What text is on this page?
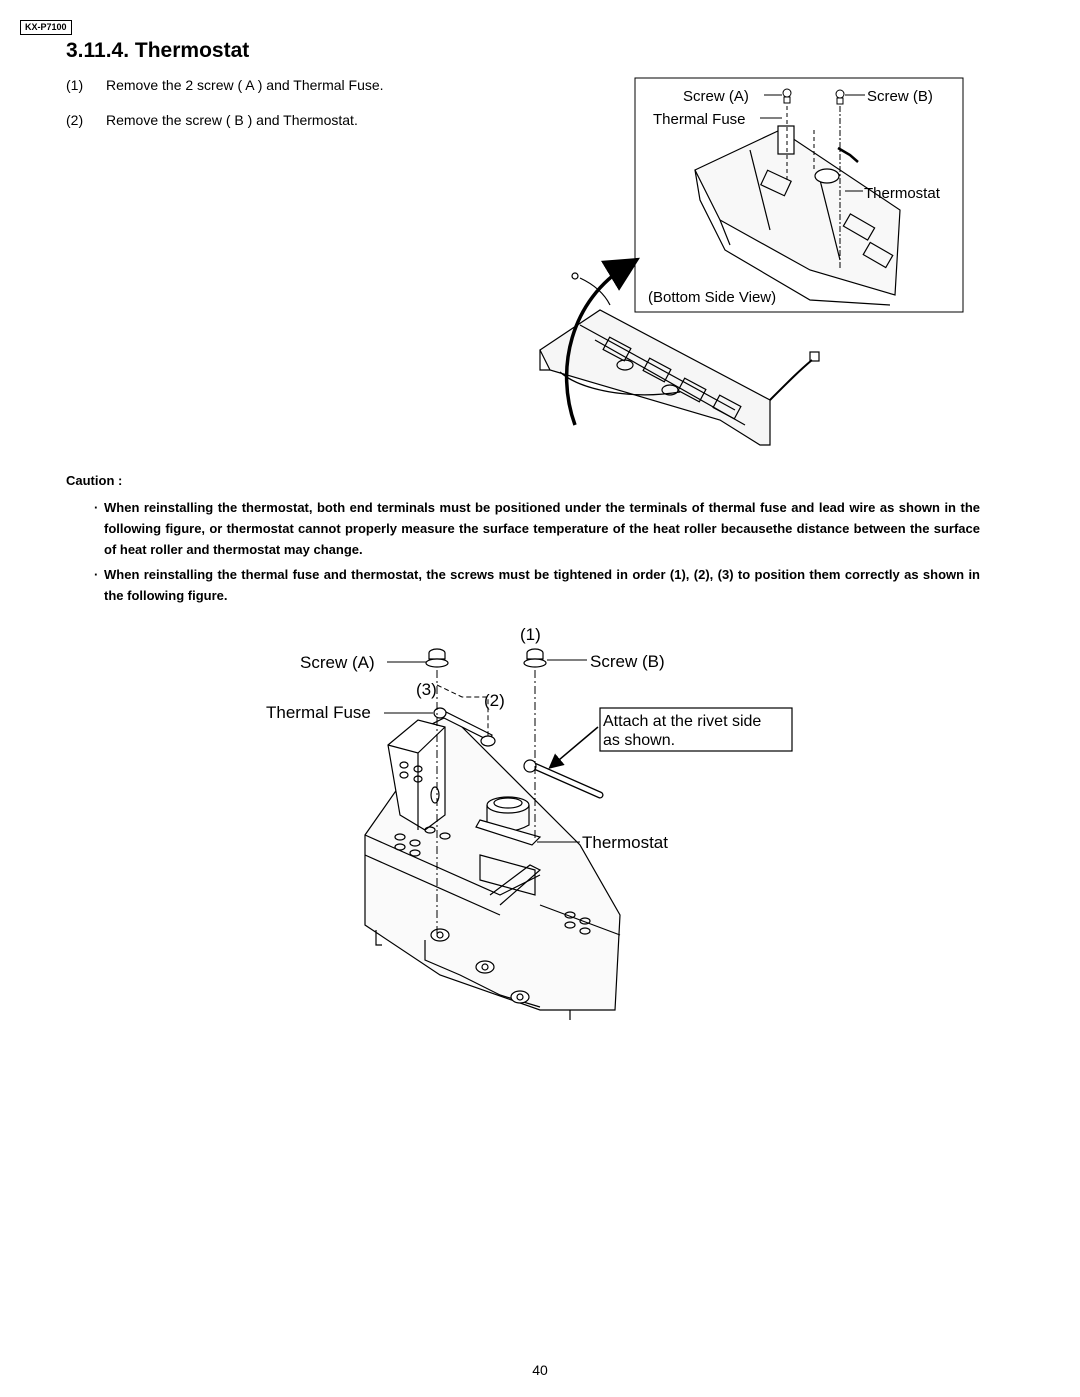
KX-P7100
3.11.4. Thermostat
(1) Remove the 2 screw ( A ) and Thermal Fuse.
(2) Remove the screw ( B ) and Thermostat.
Screw (A)	Screw (B)
Thermal Fuse
Thermostat
(Bottom Side View)
Caution :
· When reinstalling the thermostat, both end terminals must be positioned under the terminals of thermal fuse and lead wire as shown in the following figure, or thermostat cannot properly measure the surface temperature of the heat roller becausethe distance between the surface of heat roller and thermostat may change.
· When reinstalling the thermal fuse and thermostat, the screws must be tightened in order (1), (2), (3) to position them correctly as shown in the following figure.
Attach at the rivet side
as shown.
(1)
(2)
(3)
Screw (A)	Screw (B)
Thermal Fuse
Thermostat
40
